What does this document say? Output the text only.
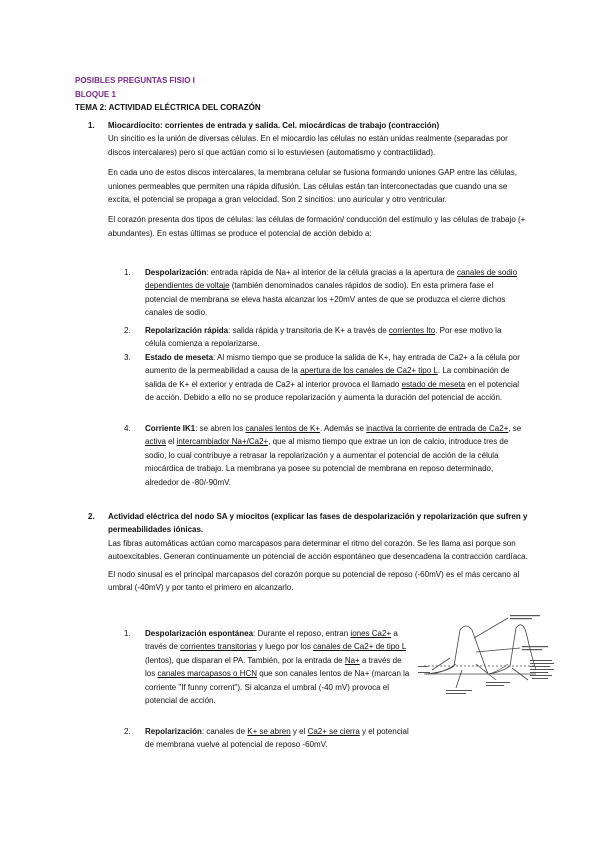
POSIBLES PREGUNTAS FISIO I
BLOQUE 1
TEMA 2: ACTIVIDAD ELÉCTRICA DEL CORAZÓN
1. Miocardiocito: corrientes de entrada y salida. Cel. miocárdicas de trabajo (contracción)

Un sincitio es la unión de diversas células. En el miocardio las células no están unidas realmente (separadas por discos intercalares) pero sí que actúan como si lo estuviesen (automatismo y contractilidad).

En cada uno de estos discos intercalares, la membrana celular se fusiona formando uniones GAP entre las células, uniones permeables que permiten una rápida difusión. Las células están tan interconectadas que cuando una se excita, el potencial se propaga a gran velocidad. Son 2 sincitios: uno auricular y otro ventricular.

El corazón presenta dos tipos de células: las células de formación/ conducción del estímulo y las células de trabajo (+ abundantes). En estas últimas se produce el potencial de acción debido a:

1. Despolarización: entrada rápida de Na+ al interior de la célula gracias a la apertura de canales de sodio dependientes de voltaje (también denominados canales rápidos de sodio). En esta primera fase el potencial de membrana se eleva hasta alcanzar los +20mV antes de que se produzca el cierre dichos canales de sodio.
2. Repolarización rápida: salida rápida y transitoria de K+ a través de corrientes Ito. Por ese motivo la célula comienza a repolarizarse.
3. Estado de meseta: Al mismo tiempo que se produce la salida de K+, hay entrada de Ca2+ a la célula por aumento de la permeabilidad a causa de la apertura de los canales de Ca2+ tipo L. La combinación de salida de K+ el exterior y entrada de Ca2+ al interior provoca el llamado estado de meseta en el potencial de acción. Debido a ello no se produce repolarización y aumenta la duración del potencial de acción.
4. Corriente IK1: se abren los canales lentos de K+. Además se inactiva la corriente de entrada de Ca2+, se activa el intercambiador Na+/Ca2+, que al mismo tiempo que extrae un ion de calcio, introduce tres de sodio, lo cual contribuye a retrasar la repolarización y a aumentar el potencial de acción de la célula miocárdica de trabajo. La membrana ya posee su potencial de membrana en reposo determinado, alrededor de -80/-90mV.
2. Actividad eléctrica del nodo SA y miocitos (explicar las fases de despolarización y repolarización que sufren y permeabilidades iónicas.

Las fibras automáticas actúan como marcapasos para determinar el ritmo del corazón. Se les llama así porque son autoexcitables. Generan continuamente un potencial de acción espontáneo que desencadena la contracción cardíaca.

El nodo sinusal es el principal marcapasos del corazón porque su potencial de reposo (-60mV) es el más cercano al umbral (-40mV) y por tanto el primero en alcanzarlo.

1. Despolarización espontánea: Durante el reposo, entran iones Ca2+ a través de corrientes transitorias y luego por los canales de Ca2+ de tipo L (lentos), que disparan el PA. También, por la entrada de Na+ a través de los canales marcapasos o HCN que son canales lentos de Na+ (marcan la corriente "If funny corrent"). Si alcanza el umbral (-40 mV) provoca el potencial de acción.
2. Repolarización: canales de K+ se abren y el Ca2+ se cierra y el potencial de membrana vuelve al potencial de reposo -60mV.
